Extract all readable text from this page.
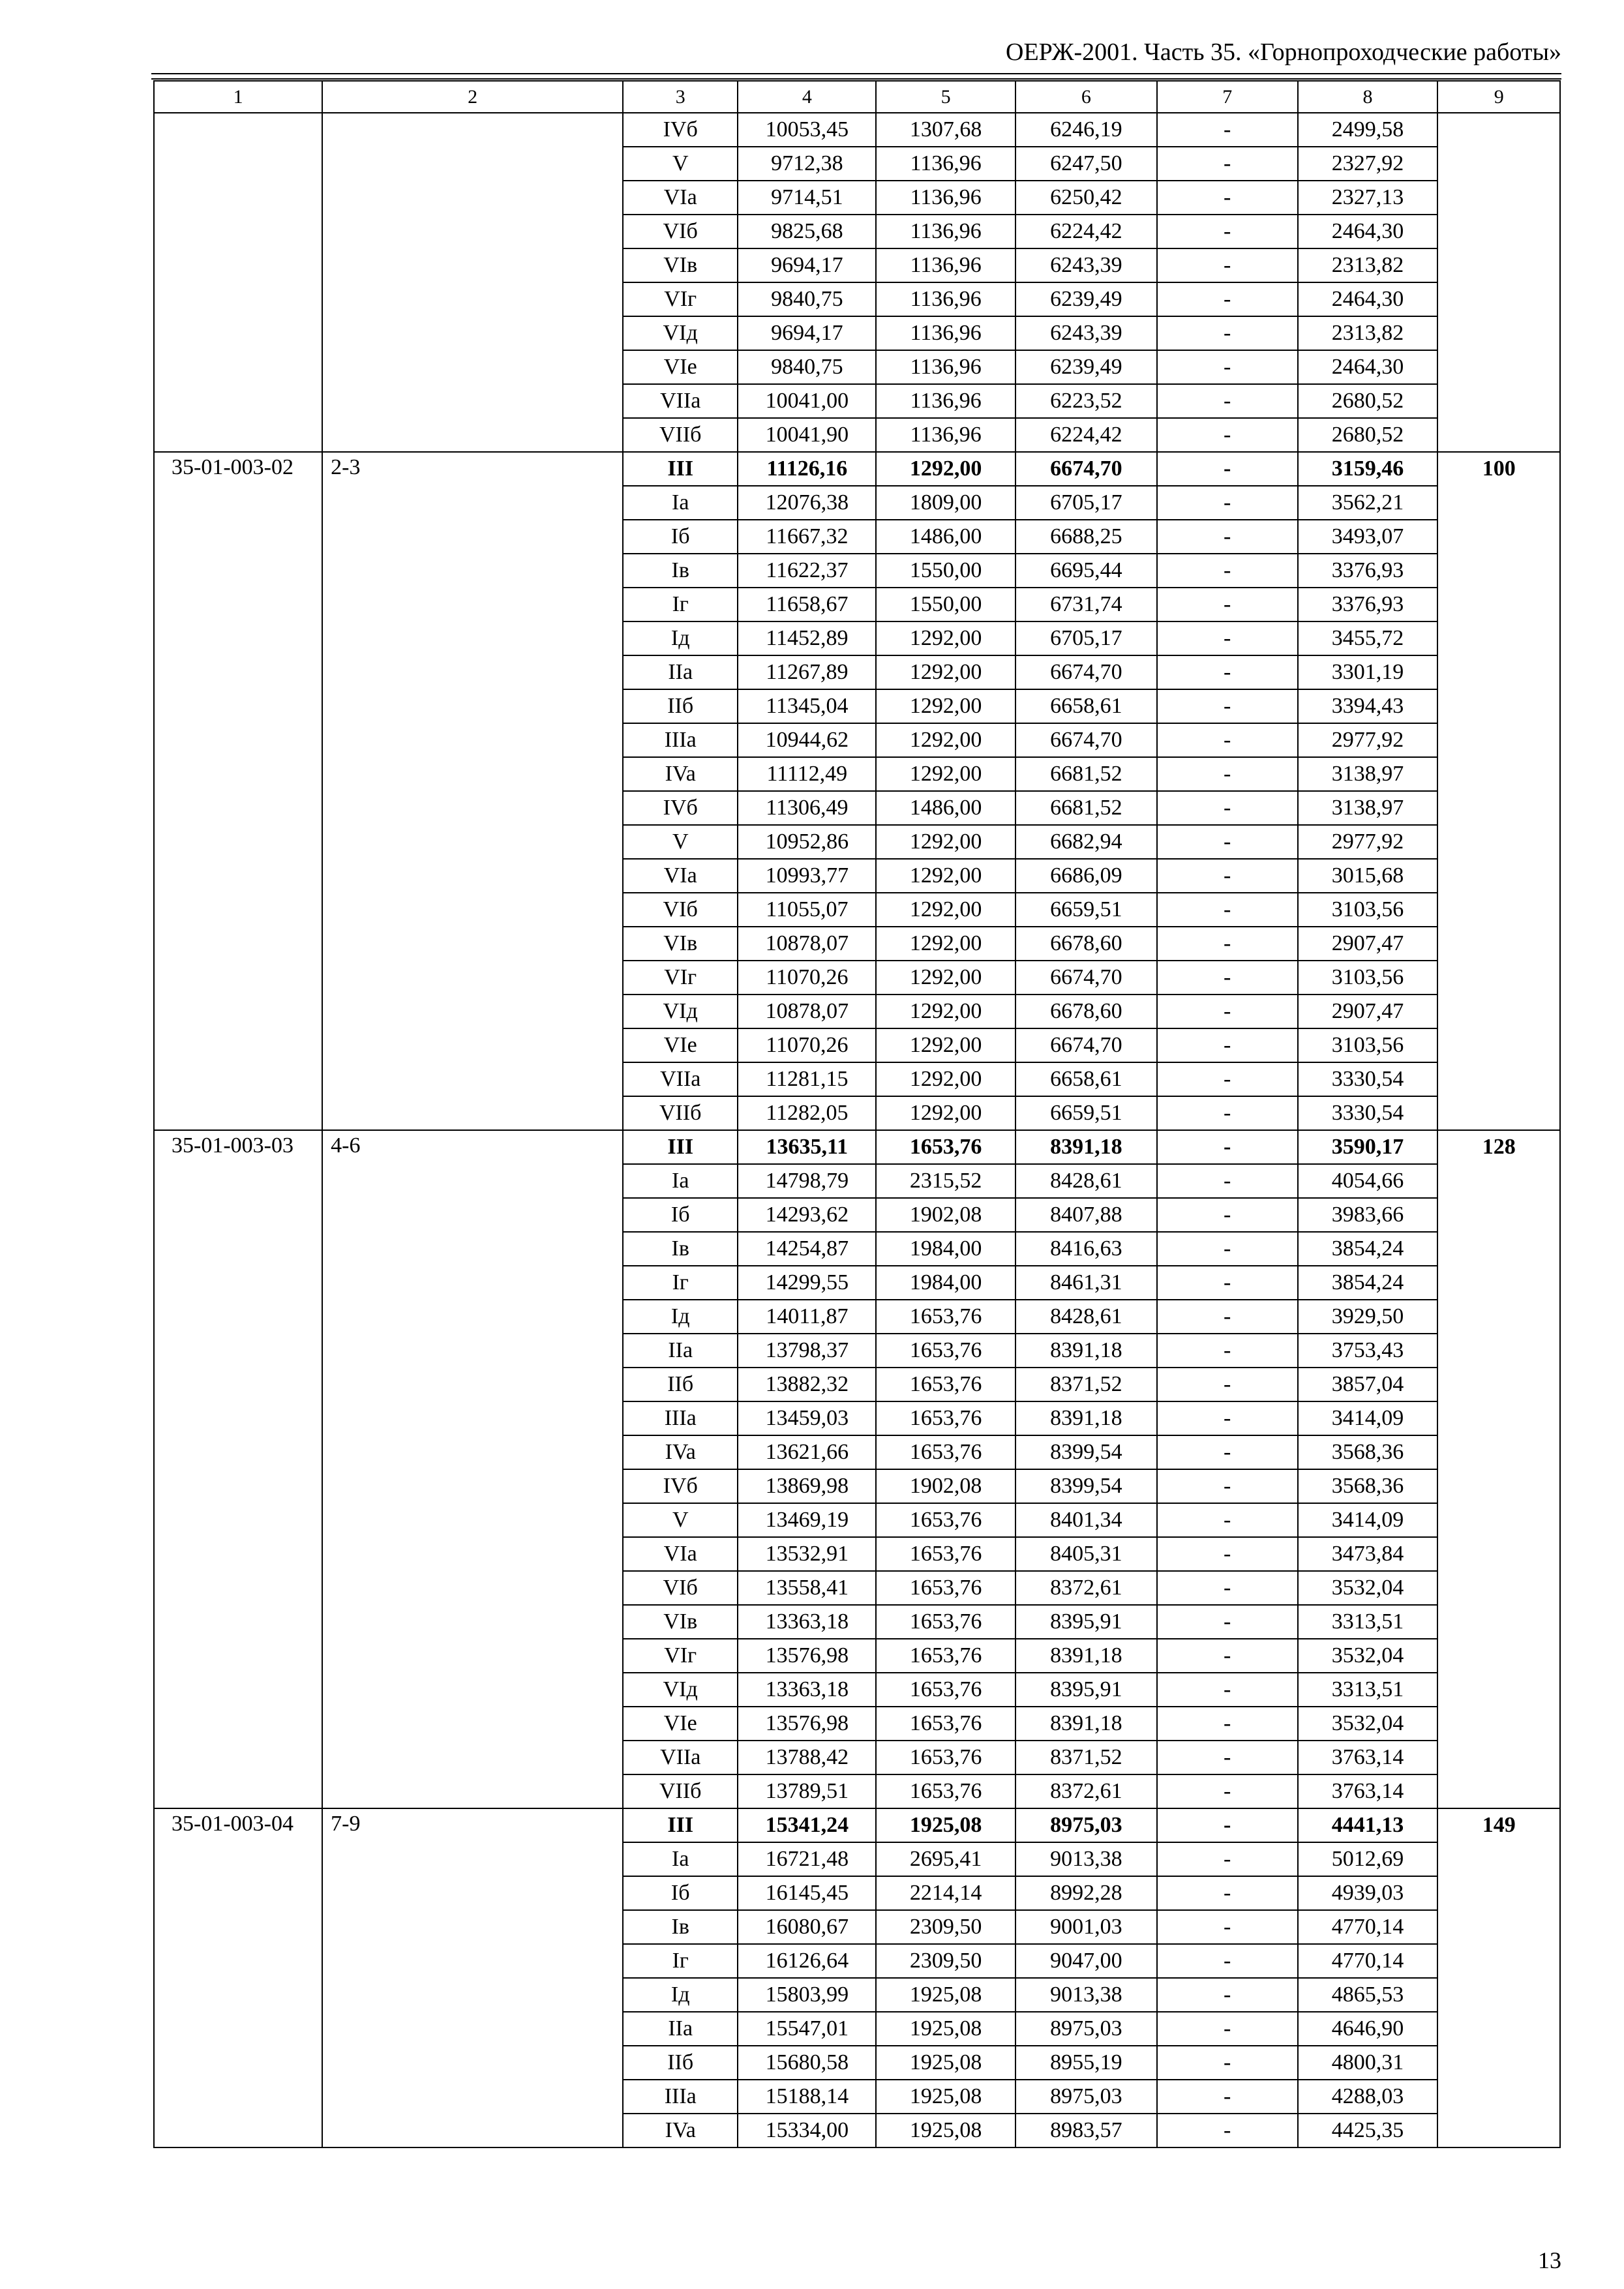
ОЕРЖ-2001. Часть 35. «Горнопроходческие работы»
1	2	3	4	5	6	7	8	9
		IVб	10053,45	1307,68	6246,19	-	2499,58	
		V	9712,38	1136,96	6247,50	-	2327,92	
		VIa	9714,51	1136,96	6250,42	-	2327,13	
		VIб	9825,68	1136,96	6224,42	-	2464,30	
		VIв	9694,17	1136,96	6243,39	-	2313,82	
		VIг	9840,75	1136,96	6239,49	-	2464,30	
		VIд	9694,17	1136,96	6243,39	-	2313,82	
		VIe	9840,75	1136,96	6239,49	-	2464,30	
		VIIa	10041,00	1136,96	6223,52	-	2680,52	
		VIIб	10041,90	1136,96	6224,42	-	2680,52	
35-01-003-02	2-3	III	11126,16	1292,00	6674,70	-	3159,46	100
		Ia	12076,38	1809,00	6705,17	-	3562,21	
		Iб	11667,32	1486,00	6688,25	-	3493,07	
		Iв	11622,37	1550,00	6695,44	-	3376,93	
		Iг	11658,67	1550,00	6731,74	-	3376,93	
		Iд	11452,89	1292,00	6705,17	-	3455,72	
		IIa	11267,89	1292,00	6674,70	-	3301,19	
		IIб	11345,04	1292,00	6658,61	-	3394,43	
		IIIa	10944,62	1292,00	6674,70	-	2977,92	
		IVa	11112,49	1292,00	6681,52	-	3138,97	
		IVб	11306,49	1486,00	6681,52	-	3138,97	
		V	10952,86	1292,00	6682,94	-	2977,92	
		VIa	10993,77	1292,00	6686,09	-	3015,68	
		VIб	11055,07	1292,00	6659,51	-	3103,56	
		VIв	10878,07	1292,00	6678,60	-	2907,47	
		VIг	11070,26	1292,00	6674,70	-	3103,56	
		VIд	10878,07	1292,00	6678,60	-	2907,47	
		VIe	11070,26	1292,00	6674,70	-	3103,56	
		VIIa	11281,15	1292,00	6658,61	-	3330,54	
		VIIб	11282,05	1292,00	6659,51	-	3330,54	
35-01-003-03	4-6	III	13635,11	1653,76	8391,18	-	3590,17	128
		Ia	14798,79	2315,52	8428,61	-	4054,66	
		Iб	14293,62	1902,08	8407,88	-	3983,66	
		Iв	14254,87	1984,00	8416,63	-	3854,24	
		Iг	14299,55	1984,00	8461,31	-	3854,24	
		Iд	14011,87	1653,76	8428,61	-	3929,50	
		IIa	13798,37	1653,76	8391,18	-	3753,43	
		IIб	13882,32	1653,76	8371,52	-	3857,04	
		IIIa	13459,03	1653,76	8391,18	-	3414,09	
		IVa	13621,66	1653,76	8399,54	-	3568,36	
		IVб	13869,98	1902,08	8399,54	-	3568,36	
		V	13469,19	1653,76	8401,34	-	3414,09	
		VIa	13532,91	1653,76	8405,31	-	3473,84	
		VIб	13558,41	1653,76	8372,61	-	3532,04	
		VIв	13363,18	1653,76	8395,91	-	3313,51	
		VIг	13576,98	1653,76	8391,18	-	3532,04	
		VIд	13363,18	1653,76	8395,91	-	3313,51	
		VIe	13576,98	1653,76	8391,18	-	3532,04	
		VIIa	13788,42	1653,76	8371,52	-	3763,14	
		VIIб	13789,51	1653,76	8372,61	-	3763,14	
35-01-003-04	7-9	III	15341,24	1925,08	8975,03	-	4441,13	149
		Ia	16721,48	2695,41	9013,38	-	5012,69	
		Iб	16145,45	2214,14	8992,28	-	4939,03	
		Iв	16080,67	2309,50	9001,03	-	4770,14	
		Iг	16126,64	2309,50	9047,00	-	4770,14	
		Iд	15803,99	1925,08	9013,38	-	4865,53	
		IIa	15547,01	1925,08	8975,03	-	4646,90	
		IIб	15680,58	1925,08	8955,19	-	4800,31	
		IIIa	15188,14	1925,08	8975,03	-	4288,03	
		IVa	15334,00	1925,08	8983,57	-	4425,35	
13
